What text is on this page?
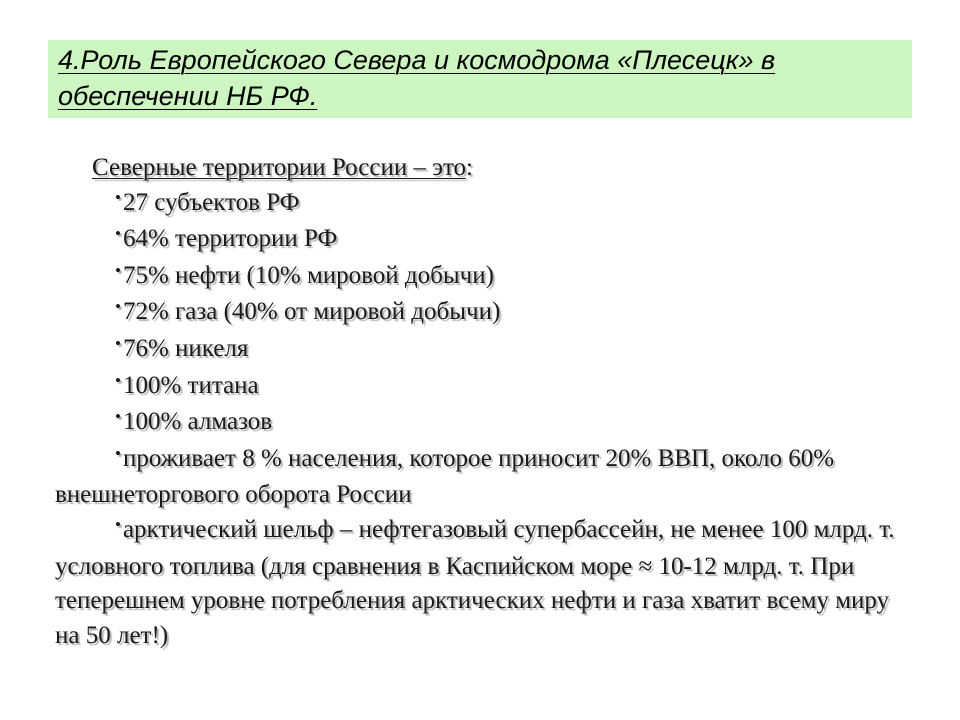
4.Роль Европейского Севера и космодрома «Плесецк» в обеспечении НБ РФ.
Северные территории России – это:
•27 субъектов РФ
•64% территории РФ
•75% нефти (10% мировой добычи)
•72% газа (40% от мировой добычи)
•76% никеля
•100% титана
•100% алмазов
•проживает 8 % населения, которое приносит 20% ВВП, около 60% внешнеторгового оборота России
•арктический шельф – нефтегазовый супербассейн, не менее 100 млрд. т. условного топлива (для сравнения в Каспийском море ≈ 10-12 млрд. т. При теперешнем уровне потребления арктических нефти и газа хватит всему миру на 50 лет!)
